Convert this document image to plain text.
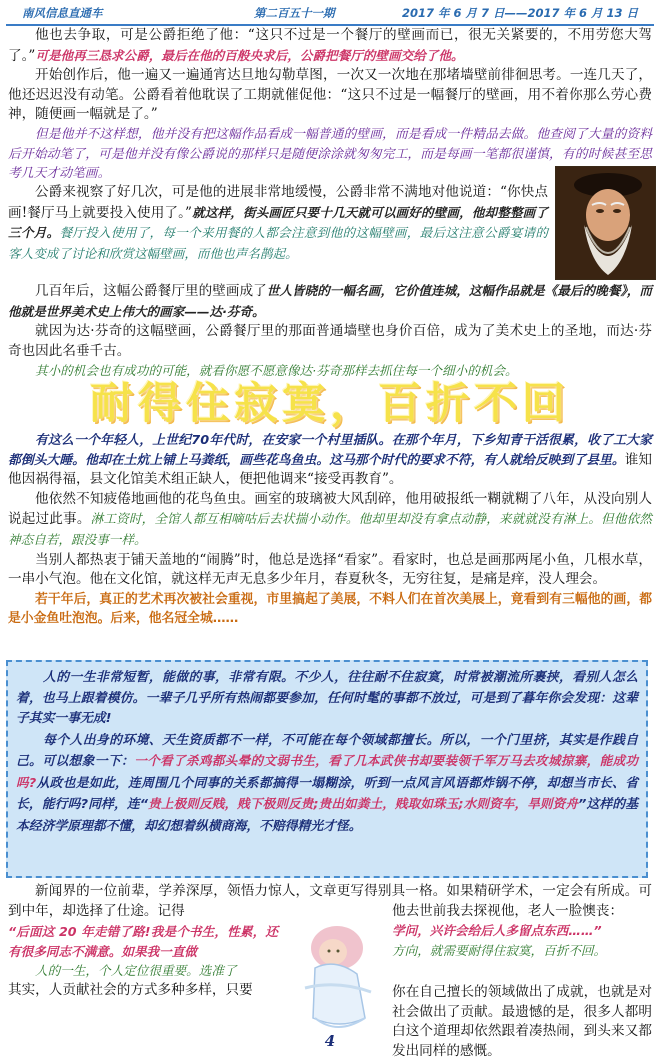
南风信息直通车	第二百五十一期	2017 年 6 月 7 日——2017 年 6 月 13 日

他也去争取，可是公爵拒绝了他：“这只不过是一个餐厅的壁画而已，很无关紧要的，不用劳您大驾了。”可是他再三恳求公爵，最后在他的百般央求后，公爵把餐厅的壁画交给了他。

开始创作后，他一遍又一遍通宵达旦地勾勒草图，一次又一次地在那堵墙壁前徘徊思考。一连几天了，他还迟迟没有动笔。公爵看着他耽误了工期就催促他：“这只不过是一幅餐厅的壁画，用不着你那么劳心费神，随便画一幅就是了。”

但是他并不这样想，他并没有把这幅作品看成一幅普通的壁画，而是看成一件精品去做。他查阅了大量的资料后开始动笔了，可是他并没有像公爵说的那样只是随便涂涂就匆匆完工，而是每画一笔都很谨慎，有的时候甚至思考几天才动笔画。

公爵来视察了好几次，可是他的进展非常地缓慢，公爵非常不满地对他说道：“你快点画!餐厅马上就要投入使用了。”就这样，街头画匠只要十几天就可以画好的壁画，他却整整画了三个月。餐厅投入使用了，每一个来用餐的人都会注意到他的这幅壁画，最后这注意公爵宴请的客人变成了讨论和欣赏这幅壁画，而他也声名鹊起。

几百年后，这幅公爵餐厅里的壁画成了世人皆晓的一幅名画，它价值连城，这幅作品就是《最后的晚餐》，而他就是世界美术史上伟大的画家——达·芬奇。

就因为达·芬奇的这幅壁画，公爵餐厅里的那面普通墙壁也身价百倍，成为了美术史上的圣地，而达·芬奇也因此名垂千古。

其小的机会也有成功的可能，就看你愿不愿意像达·芬奇那样去抓住每一个细小的机会。

耐得住寂寞，百折不回

有这么一个年轻人，上世纪70年代时，在安家一个村里插队。在那个年月，下乡知青干活很累，收了工大家都倒头大睡。他却在土炕上铺上马粪纸，画些花鸟鱼虫。这马那个时代的要求不符，有人就给反映到了县里。谁知他因祸得福，县文化馆美术组正缺人，便把他调来“接受再教育”。

他依然不知疲倦地画他的花鸟鱼虫。画室的玻璃被大风刮碎，他用破报纸一糊就糊了八年，从没向别人说起过此事。淋工资时，全馆人都互相嘀咕后去状揣小动作。他却里却没有拿点动静，来就就没有淋上。但他依然神态自若，跟没事一样。

当别人都热衷于铺天盖地的“闹腾”时，他总是选择“看家”。看家时，也总是画那两尾小鱼，几根水草，一串小气泡。他在文化馆，就这样无声无息多少年月，春夏秋冬，无穷往复，是痛是痒，没人理会。

若干年后，真正的艺术再次被社会重视，市里搞起了美展，不料人们在首次美展上，竟看到有三幅他的画，都是小金鱼吐泡泡。后来，他名冠全城……

人的一生非常短暂，能做的事，非常有限。不少人，往往耐不住寂寞，时常被潮流所裹挟，看别人怎么着，也马上跟着模仿。一辈子几乎所有热闹都要参加，任何时髦的事都不放过，可是到了暮年你会发现：这辈子其实一事无成!

每个人出身的环境、天生资质都不一样，不可能在每个领域都擅长。所以，一个门里挤，其实是作践自己。可以想象一下：一个看了杀鸡都头晕的文弱书生，看了几本武侠书却要装领千军万马去攻城掠寨，能成功吗?从政也是如此，连周围几个同事的关系都搞得一塌糊涂，听到一点风言风语都炸锅不停，却想当市长、省长，能行吗?同样，连“贵上极则反贱，贱下极则反贵;贵出如粪土，贱取如珠玉;水则资车，旱则资舟”这样的基本经济学原理都不懂，却幻想着纵横商海，不赔得精光才怪。

新闻界的一位前辈，学养深厚，领悟力惊人，文章更写得别具一格。如果精研学术，一定会有所成。可到中年，却选择了仕途。记得

“后面这 20 年走错了路!我是个书生，性累，还有很多同志不满意。如果我一直做

人的一生，个人定位很重要。选准了

其实，人贡献社会的方式多种多样，只要

他去世前我去探视他，老人一脸懊丧：

学问，兴许会给后人多留点东西……”

方向，就需要耐得住寂寞，百折不回。

你在自己擅长的领域做出了成就，也就是对社会做出了贡献。最遗憾的是，很多人都明白这个道理却依然跟着凑热闹，到头来又都发出同样的感慨。

4
